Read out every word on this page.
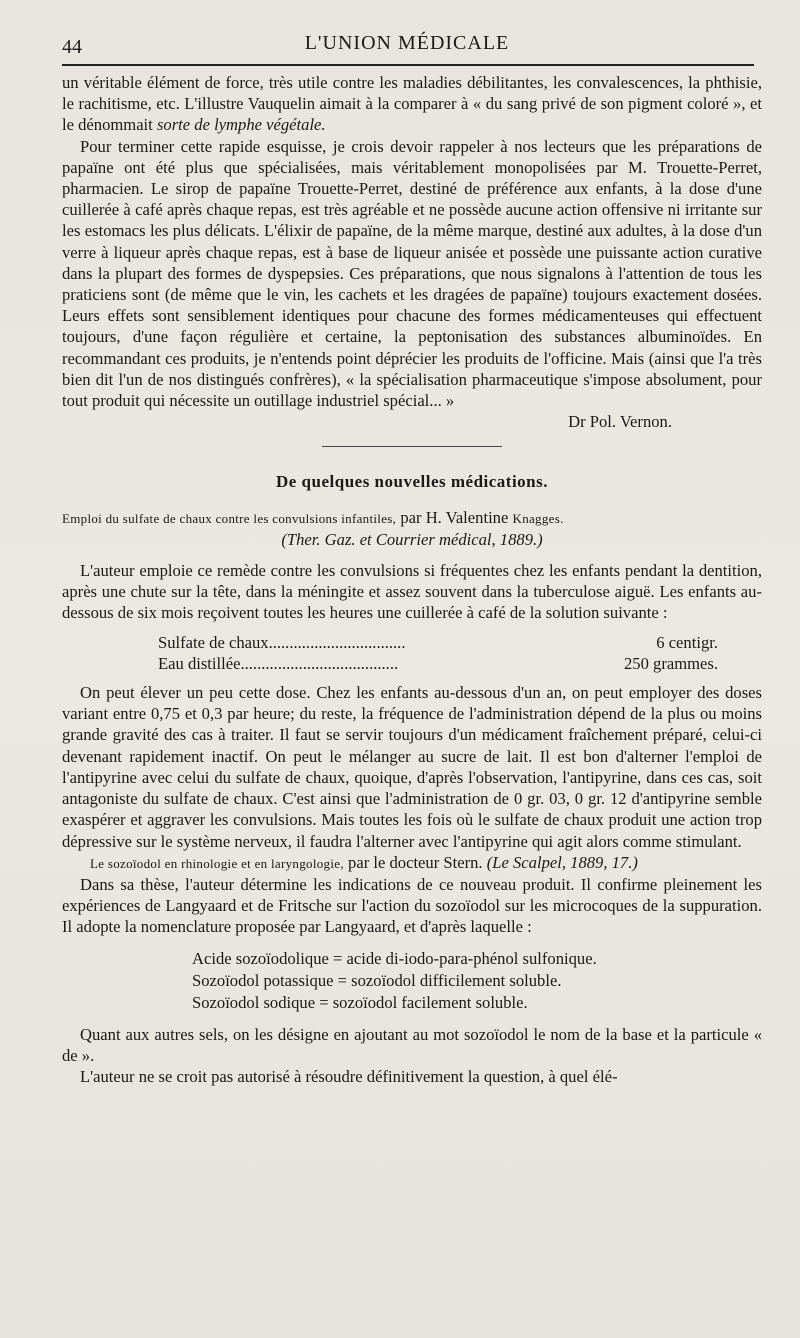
44	L'UNION MÉDICALE

un véritable élément de force, très utile contre les maladies débilitantes, les convalescences, la phthisie, le rachitisme, etc. L'illustre Vauquelin aimait à la comparer à « du sang privé de son pigment coloré », et le dénommait sorte de lymphe végétale.

Pour terminer cette rapide esquisse, je crois devoir rappeler à nos lecteurs que les préparations de papaïne ont été plus que spécialisées, mais véritablement monopolisées par M. Trouette-Perret, pharmacien. Le sirop de papaïne Trouette-Perret, destiné de préférence aux enfants, à la dose d'une cuillerée à café après chaque repas, est très agréable et ne possède aucune action offensive ni irritante sur les estomacs les plus délicats. L'élixir de papaïne, de la même marque, destiné aux adultes, à la dose d'un verre à liqueur après chaque repas, est à base de liqueur anisée et possède une puissante action curative dans la plupart des formes de dyspepsies. Ces préparations, que nous signalons à l'attention de tous les praticiens sont (de même que le vin, les cachets et les dragées de papaïne) toujours exactement dosées. Leurs effets sont sensiblement identiques pour chacune des formes médicamenteuses qui effectuent toujours, d'une façon régulière et certaine, la peptonisation des substances albuminoïdes. En recommandant ces produits, je n'entends point déprécier les produits de l'officine. Mais (ainsi que l'a très bien dit l'un de nos distingués confrères), « la spécialisation pharmaceutique s'impose absolument, pour tout produit qui nécessite un outillage industriel spécial... »

Dr Pol. Vernon.
De quelques nouvelles médications.

Emploi du sulfate de chaux contre les convulsions infantiles, par H. Valentine Knagges.

(Ther. Gaz. et Courrier médical, 1889.)

L'auteur emploie ce remède contre les convulsions si fréquentes chez les enfants pendant la dentition, après une chute sur la tête, dans la méningite et assez souvent dans la tuberculose aiguë. Les enfants au-dessous de six mois reçoivent toutes les heures une cuillerée à café de la solution suivante :

Sulfate de chaux.................................	6 centigr.
Eau distillée......................................	250 grammes.

On peut élever un peu cette dose. Chez les enfants au-dessous d'un an, on peut employer des doses variant entre 0,75 et 0,3 par heure; du reste, la fréquence de l'administration dépend de la plus ou moins grande gravité des cas à traiter. Il faut se servir toujours d'un médicament fraîchement préparé, celui-ci devenant rapidement inactif. On peut le mélanger au sucre de lait. Il est bon d'alterner l'emploi de l'antipyrine avec celui du sulfate de chaux, quoique, d'après l'observation, l'antipyrine, dans ces cas, soit antagoniste du sulfate de chaux. C'est ainsi que l'administration de 0 gr. 03, 0 gr. 12 d'antipyrine semble exaspérer et aggraver les convulsions. Mais toutes les fois où le sulfate de chaux produit une action trop dépressive sur le système nerveux, il faudra l'alterner avec l'antipyrine qui agit alors comme stimulant.

Le sozoïodol en rhinologie et en laryngologie, par le docteur Stern. (Le Scalpel, 1889, 17.)

Dans sa thèse, l'auteur détermine les indications de ce nouveau produit. Il confirme pleinement les expériences de Langyaard et de Fritsche sur l'action du sozoïodol sur les microcoques de la suppuration. Il adopte la nomenclature proposée par Langyaard, et d'après laquelle :

Acide sozoïodolique = acide di-iodo-para-phénol sulfonique.
Sozoïodol potassique = sozoïodol difficilement soluble.
Sozoïodol sodique = sozoïodol facilement soluble.

Quant aux autres sels, on les désigne en ajoutant au mot sozoïodol le nom de la base et la particule « de ».

L'auteur ne se croit pas autorisé à résoudre définitivement la question, à quel élé-
